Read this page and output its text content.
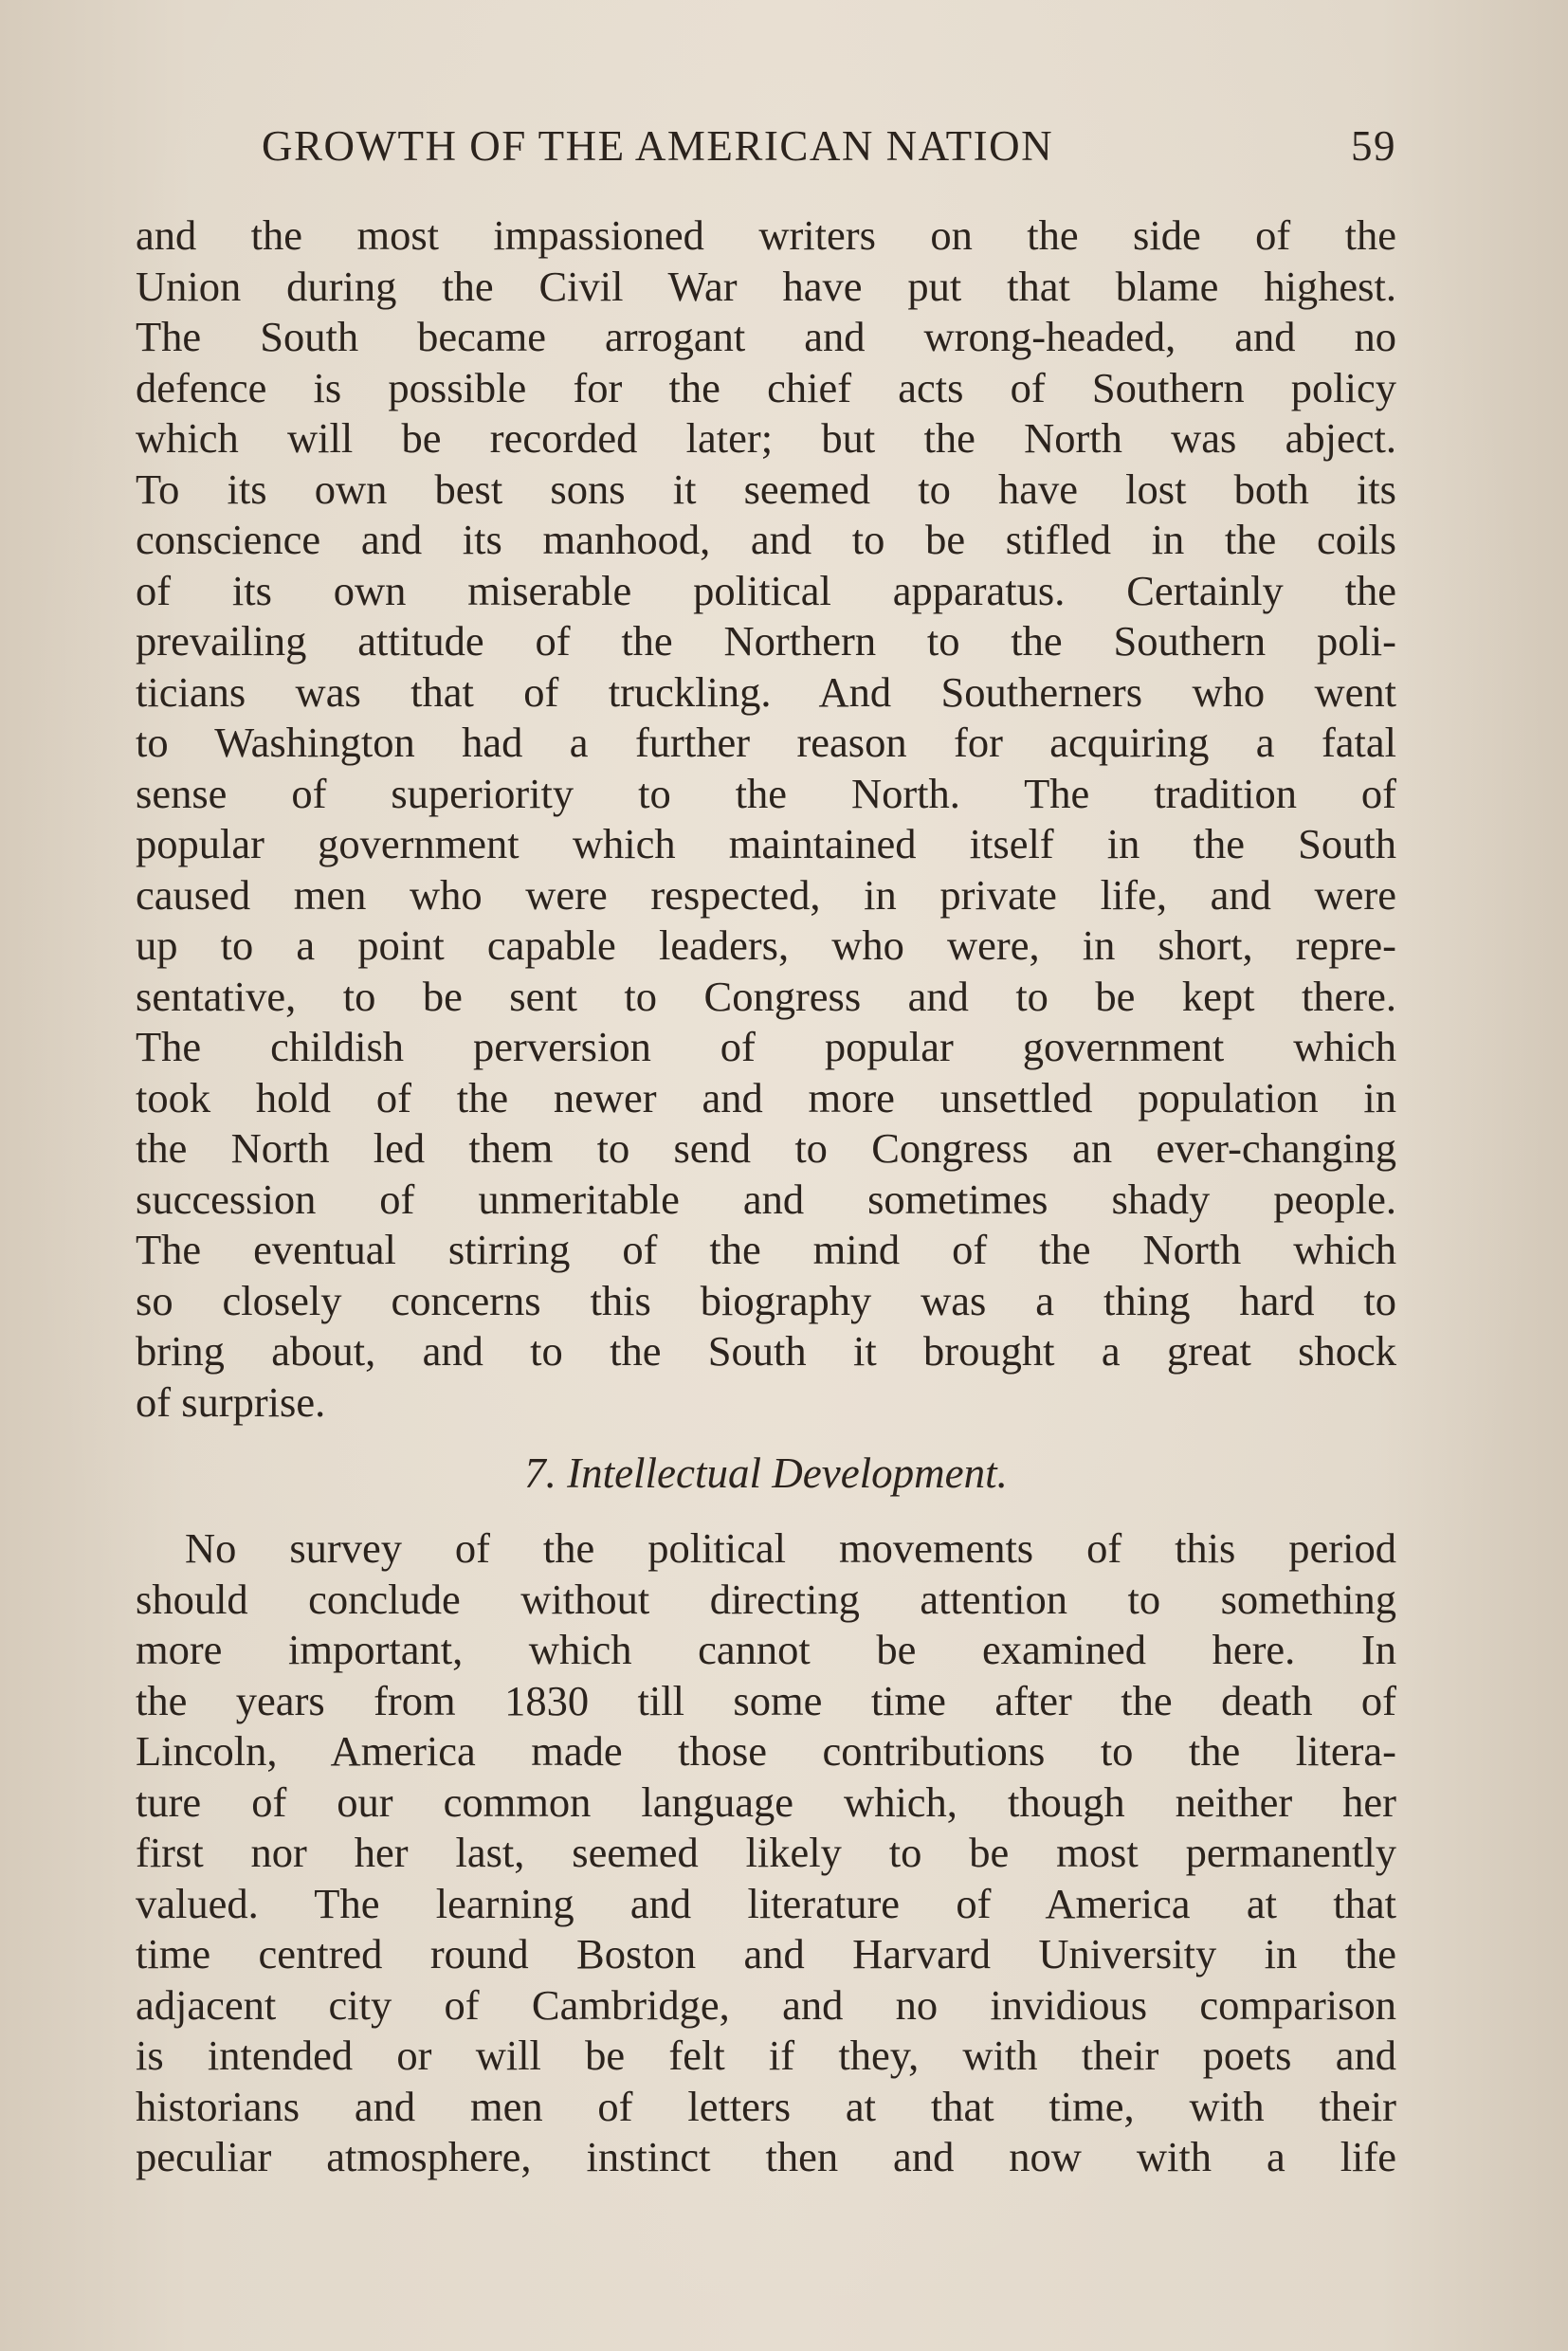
GROWTH OF THE AMERICAN NATION	59
and the most impassioned writers on the side of the
Union during the Civil War have put that blame highest.
The South became arrogant and wrong-headed, and no
defence is possible for the chief acts of Southern policy
which will be recorded later; but the North was abject.
To its own best sons it seemed to have lost both its
conscience and its manhood, and to be stifled in the coils
of its own miserable political apparatus. Certainly the
prevailing attitude of the Northern to the Southern poli-
ticians was that of truckling. And Southerners who went
to Washington had a further reason for acquiring a fatal
sense of superiority to the North. The tradition of
popular government which maintained itself in the South
caused men who were respected, in private life, and were
up to a point capable leaders, who were, in short, repre-
sentative, to be sent to Congress and to be kept there.
The childish perversion of popular government which
took hold of the newer and more unsettled population in
the North led them to send to Congress an ever-changing
succession of unmeritable and sometimes shady people.
The eventual stirring of the mind of the North which
so closely concerns this biography was a thing hard to
bring about, and to the South it brought a great shock
of surprise.
7. Intellectual Development.
No survey of the political movements of this period
should conclude without directing attention to something
more important, which cannot be examined here. In
the years from 1830 till some time after the death of
Lincoln, America made those contributions to the litera-
ture of our common language which, though neither her
first nor her last, seemed likely to be most permanently
valued. The learning and literature of America at that
time centred round Boston and Harvard University in the
adjacent city of Cambridge, and no invidious comparison
is intended or will be felt if they, with their poets and
historians and men of letters at that time, with their
peculiar atmosphere, instinct then and now with a life
